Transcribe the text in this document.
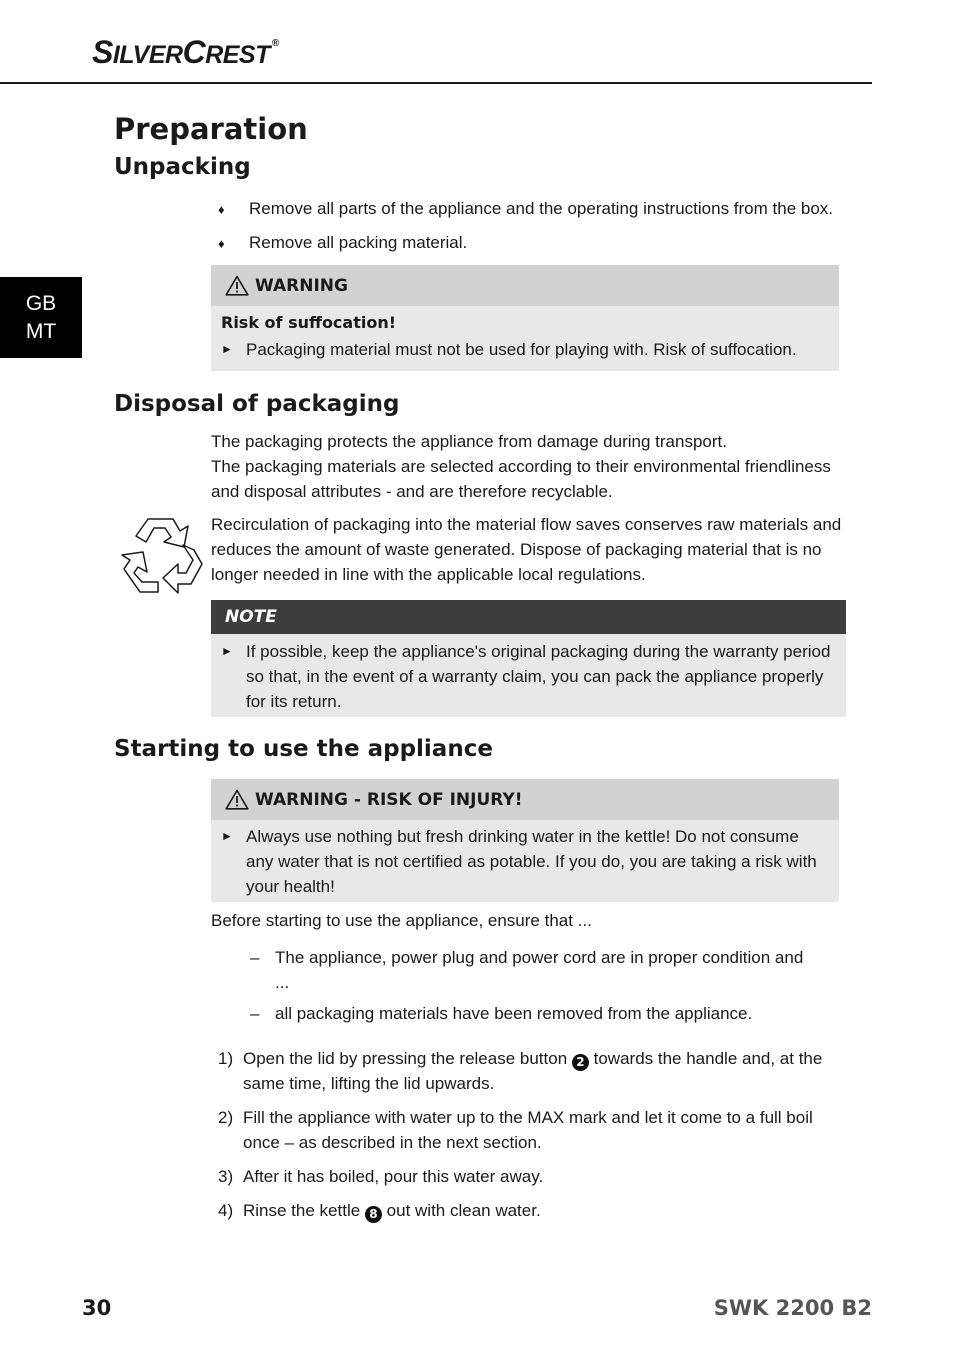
SILVERCREST ®
GB
MT
Preparation
Unpacking
♦ Remove all parts of the appliance and the operating instructions from the box.
♦ Remove all packing material.
WARNING
Risk of suffocation!
► Packaging material must not be used for playing with. Risk of suffocation.
Disposal of packaging
The packaging protects the appliance from damage during transport.
The packaging materials are selected according to their environmental friendliness and disposal attributes - and are therefore recyclable.
Recirculation of packaging into the material flow saves conserves raw materials and reduces the amount of waste generated. Dispose of packaging material that is no longer needed in line with the applicable local regulations.
NOTE
► If possible, keep the appliance's original packaging during the warranty period so that, in the event of a warranty claim, you can pack the appliance properly for its return.
Starting to use the appliance
WARNING - RISK OF INJURY!
► Always use nothing but fresh drinking water in the kettle! Do not consume any water that is not certified as potable. If you do, you are taking a risk with your health!
Before starting to use the appliance, ensure that ...
– The appliance, power plug and power cord are in proper condition and ...
– all packaging materials have been removed from the appliance.
1) Open the lid by pressing the release button 2 towards the handle and, at the same time, lifting the lid upwards.
2) Fill the appliance with water up to the MAX mark and let it come to a full boil once – as described in the next section.
3) After it has boiled, pour this water away.
4) Rinse the kettle 8 out with clean water.
30	SWK 2200 B2
